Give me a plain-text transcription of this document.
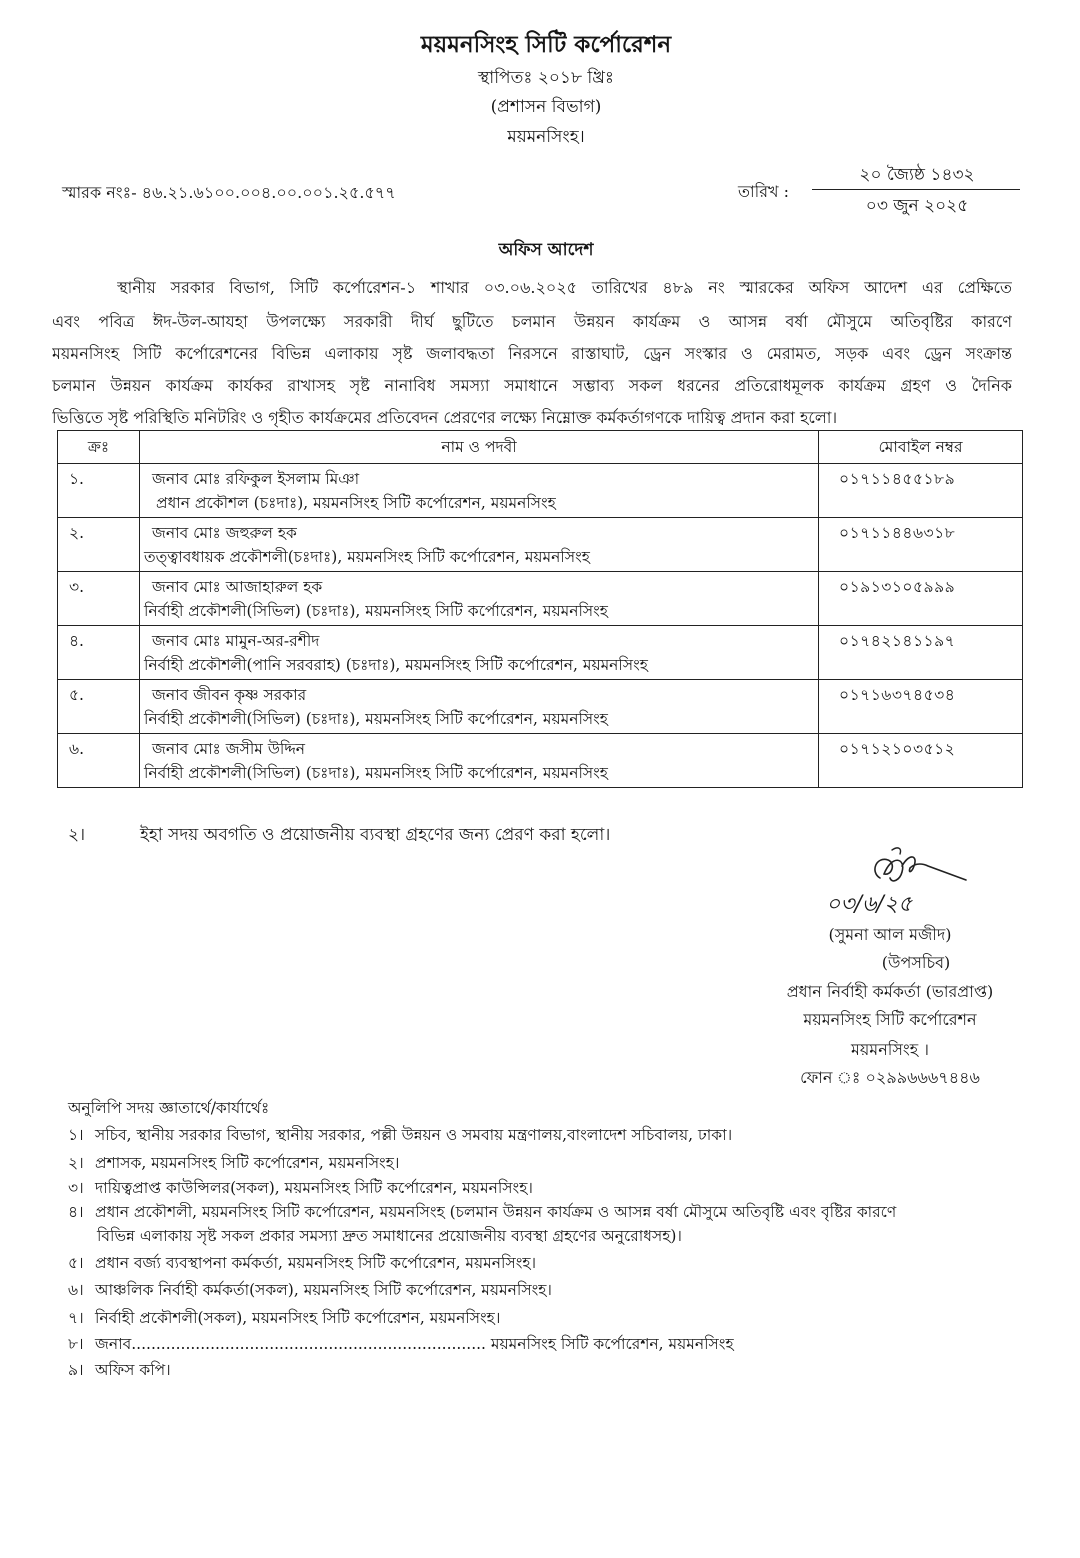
ময়মনসিংহ সিটি কর্পোরেশন
স্থাপিতঃ ২০১৮ খ্রিঃ
(প্রশাসন বিভাগ)
ময়মনসিংহ।
স্মারক নংঃ- ৪৬.২১.৬১০০.০০৪.০০.০০১.২৫.৫৭৭	তারিখ :
২০ জ্যৈষ্ঠ ১৪৩২
০৩ জুন ২০২৫
অফিস আদেশ
স্থানীয় সরকার বিভাগ, সিটি কর্পোরেশন-১ শাখার ০৩.০৬.২০২৫ তারিখের ৪৮৯ নং স্মারকের অফিস আদেশ এর প্রেক্ষিতে
এবং পবিত্র ঈদ-উল-আযহা উপলক্ষ্যে সরকারী দীর্ঘ ছুটিতে চলমান উন্নয়ন কার্যক্রম ও আসন্ন বর্ষা মৌসুমে অতিবৃষ্টির কারণে
ময়মনসিংহ সিটি কর্পোরেশনের বিভিন্ন এলাকায় সৃষ্ট জলাবদ্ধতা নিরসনে রাস্তাঘাট, ড্রেন সংস্কার ও মেরামত, সড়ক এবং ড্রেন সংক্রান্ত
চলমান উন্নয়ন কার্যক্রম কার্যকর রাখাসহ সৃষ্ট নানাবিধ সমস্যা সমাধানে সম্ভাব্য সকল ধরনের প্রতিরোধমূলক কার্যক্রম গ্রহণ ও দৈনিক
ভিত্তিতে সৃষ্ট পরিস্থিতি মনিটরিং ও গৃহীত কার্যক্রমের প্রতিবেদন প্রেরণের লক্ষ্যে নিম্নোক্ত কর্মকর্তাগণকে দায়িত্ব প্রদান করা হলো।
ক্রঃ	নাম ও পদবী	মোবাইল নম্বর

১.	জনাব মোঃ রফিকুল ইসলাম মিঞা
প্রধান প্রকৌশল (চঃদাঃ), ময়মনসিংহ সিটি কর্পোরেশন, ময়মনসিংহ	০১৭১১৪৫৫১৮৯

২.	জনাব মোঃ জহুরুল হক
তত্ত্বাবধায়ক প্রকৌশলী(চঃদাঃ), ময়মনসিংহ সিটি কর্পোরেশন, ময়মনসিংহ	০১৭১১৪৪৬৩১৮

৩.	জনাব মোঃ আজাহারুল হক
নির্বাহী প্রকৌশলী(সিভিল) (চঃদাঃ), ময়মনসিংহ সিটি কর্পোরেশন, ময়মনসিংহ	০১৯১৩১০৫৯৯৯

৪.	জনাব মোঃ মামুন-অর-রশীদ
নির্বাহী প্রকৌশলী(পানি সরবরাহ) (চঃদাঃ), ময়মনসিংহ সিটি কর্পোরেশন, ময়মনসিংহ	০১৭৪২১৪১১৯৭

৫.	জনাব জীবন কৃষ্ণ সরকার
নির্বাহী প্রকৌশলী(সিভিল) (চঃদাঃ), ময়মনসিংহ সিটি কর্পোরেশন, ময়মনসিংহ	০১৭১৬৩৭৪৫৩৪

৬.	জনাব মোঃ জসীম উদ্দিন
নির্বাহী প্রকৌশলী(সিভিল) (চঃদাঃ), ময়মনসিংহ সিটি কর্পোরেশন, ময়মনসিংহ	০১৭১২১০৩৫১২
২।	ইহা সদয় অবগতি ও প্রয়োজনীয় ব্যবস্থা গ্রহণের জন্য প্রেরণ করা হলো।
০৩/৬/২৫
(সুমনা আল মজীদ)
(উপসচিব)
প্রধান নির্বাহী কর্মকর্তা (ভারপ্রাপ্ত)
ময়মনসিংহ সিটি কর্পোরেশন
ময়মনসিংহ ।
ফোন ঃ ০২৯৯৬৬৬৭৪৪৬
অনুলিপি সদয় জ্ঞাতার্থে/কার্যার্থেঃ
১। সচিব, স্থানীয় সরকার বিভাগ, স্থানীয় সরকার, পল্লী উন্নয়ন ও সমবায় মন্ত্রণালয়,বাংলাদেশ সচিবালয়, ঢাকা।
২। প্রশাসক, ময়মনসিংহ সিটি কর্পোরেশন, ময়মনসিংহ।
৩। দায়িত্বপ্রাপ্ত কাউন্সিলর(সকল), ময়মনসিংহ সিটি কর্পোরেশন, ময়মনসিংহ।
৪। প্রধান প্রকৌশলী, ময়মনসিংহ সিটি কর্পোরেশন, ময়মনসিংহ (চলমান উন্নয়ন কার্যক্রম ও আসন্ন বর্ষা মৌসুমে অতিবৃষ্টি এবং বৃষ্টির কারণে
বিভিন্ন এলাকায় সৃষ্ট সকল প্রকার সমস্যা দ্রুত সমাধানের প্রয়োজনীয় ব্যবস্থা গ্রহণের অনুরোধসহ)।
৫। প্রধান বর্জ্য ব্যবস্থাপনা কর্মকর্তা, ময়মনসিংহ সিটি কর্পোরেশন, ময়মনসিংহ।
৬। আঞ্চলিক নির্বাহী কর্মকর্তা(সকল), ময়মনসিংহ সিটি কর্পোরেশন, ময়মনসিংহ।
৭। নির্বাহী প্রকৌশলী(সকল), ময়মনসিংহ সিটি কর্পোরেশন, ময়মনসিংহ।
৮। জনাব........................................................................ ময়মনসিংহ সিটি কর্পোরেশন, ময়মনসিংহ
৯। অফিস কপি।
